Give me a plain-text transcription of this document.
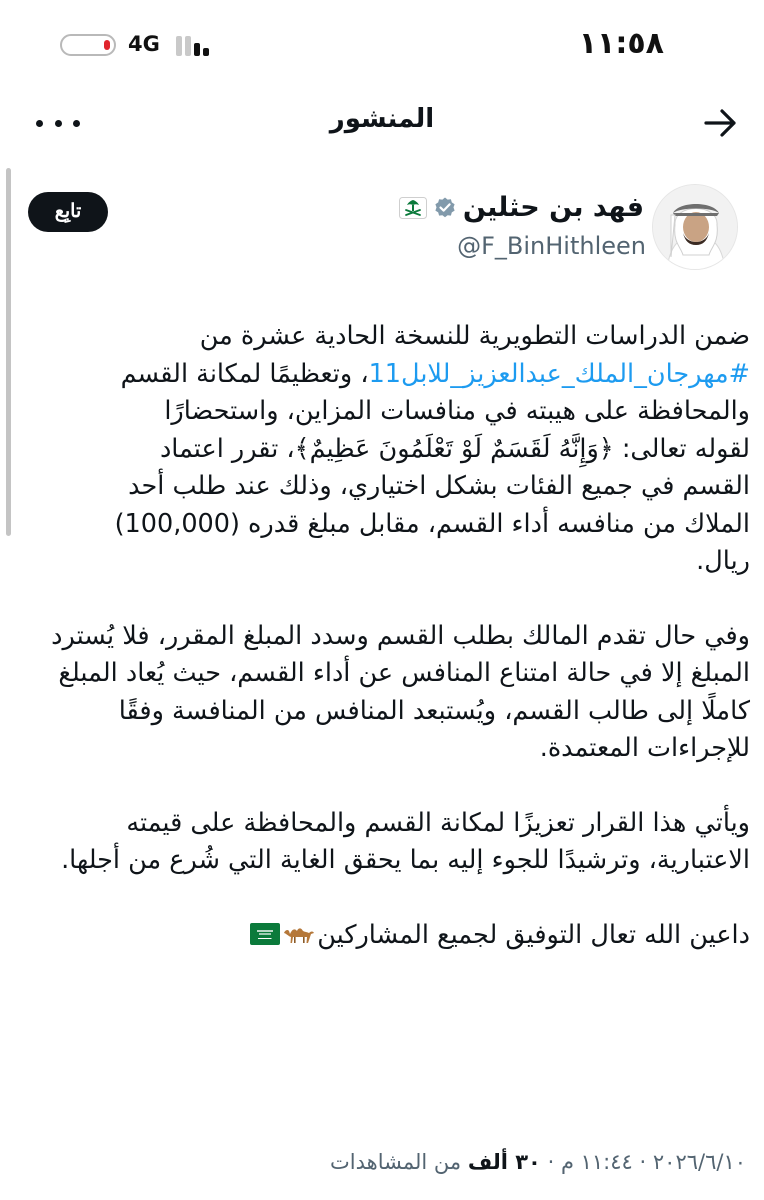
4G	١١:٥٨
المنشور
فهد بن حثلين
@F_BinHithleen
تابِع
ضمن الدراسات التطويرية للنسخة الحادية عشرة من
#مهرجان_الملك_عبدالعزيز_للابل11، وتعظيمًا لمكانة القسم
والمحافظة على هيبته في منافسات المزاين، واستحضارًا
لقوله تعالى: ﴿وَإِنَّهُ لَقَسَمٌ لَوْ تَعْلَمُونَ عَظِيمٌ﴾، تقرر اعتماد
القسم في جميع الفئات بشكل اختياري، وذلك عند طلب أحد
الملاك من منافسه أداء القسم، مقابل مبلغ قدره (100,000)
ريال.
وفي حال تقدم المالك بطلب القسم وسدد المبلغ المقرر، فلا يُسترد المبلغ إلا في حالة امتناع المنافس عن أداء القسم، حيث يُعاد المبلغ كاملًا إلى طالب القسم، ويُستبعد المنافس من المنافسة وفقًا للإجراءات المعتمدة.
ويأتي هذا القرار تعزيزًا لمكانة القسم والمحافظة على قيمته الاعتبارية، وترشيدًا للجوء إليه بما يحقق الغاية التي شُرع من أجلها.
داعين الله تعال التوفيق لجميع المشاركين
٢٠٢٦/٦/١٠ · ١١:٤٤ م · ٣٠ ألف من المشاهدات
